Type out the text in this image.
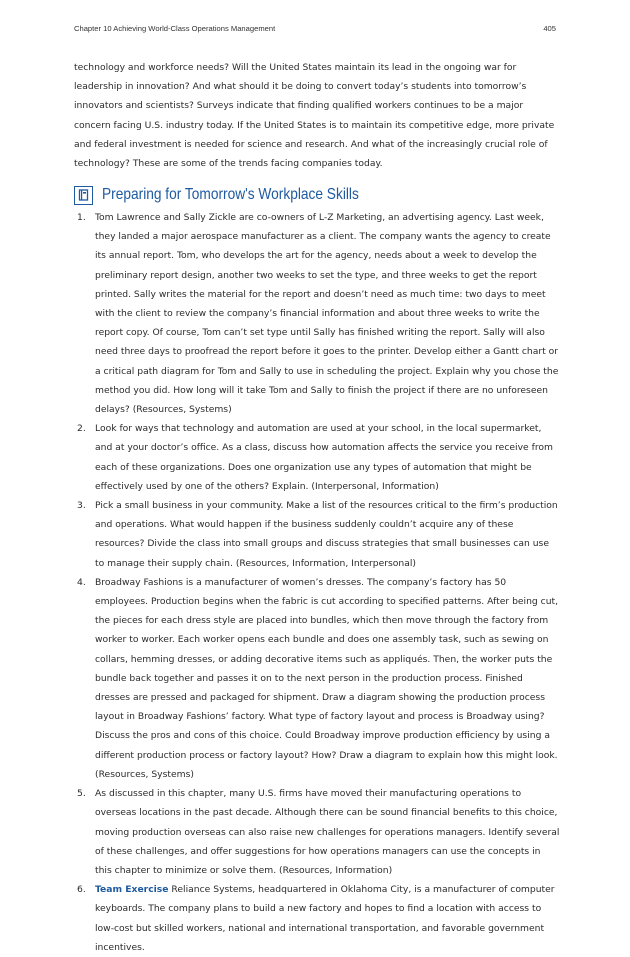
Chapter 10 Achieving World-Class Operations Management	405

technology and workforce needs? Will the United States maintain its lead in the ongoing war for leadership in innovation? And what should it be doing to convert today’s students into tomorrow’s innovators and scientists? Surveys indicate that finding qualified workers continues to be a major concern facing U.S. industry today. If the United States is to maintain its competitive edge, more private and federal investment is needed for science and research. And what of the increasingly crucial role of technology? These are some of the trends facing companies today.

Preparing for Tomorrow's Workplace Skills
1. Tom Lawrence and Sally Zickle are co-owners of L-Z Marketing, an advertising agency. Last week, they landed a major aerospace manufacturer as a client. The company wants the agency to create its annual report. Tom, who develops the art for the agency, needs about a week to develop the preliminary report design, another two weeks to set the type, and three weeks to get the report printed. Sally writes the material for the report and doesn’t need as much time: two days to meet with the client to review the company’s financial information and about three weeks to write the report copy. Of course, Tom can’t set type until Sally has finished writing the report. Sally will also need three days to proofread the report before it goes to the printer. Develop either a Gantt chart or a critical path diagram for Tom and Sally to use in scheduling the project. Explain why you chose the method you did. How long will it take Tom and Sally to finish the project if there are no unforeseen delays? (Resources, Systems)
2. Look for ways that technology and automation are used at your school, in the local supermarket, and at your doctor’s office. As a class, discuss how automation affects the service you receive from each of these organizations. Does one organization use any types of automation that might be effectively used by one of the others? Explain. (Interpersonal, Information)
3. Pick a small business in your community. Make a list of the resources critical to the firm’s production and operations. What would happen if the business suddenly couldn’t acquire any of these resources? Divide the class into small groups and discuss strategies that small businesses can use to manage their supply chain. (Resources, Information, Interpersonal)
4. Broadway Fashions is a manufacturer of women’s dresses. The company’s factory has 50 employees. Production begins when the fabric is cut according to specified patterns. After being cut, the pieces for each dress style are placed into bundles, which then move through the factory from worker to worker. Each worker opens each bundle and does one assembly task, such as sewing on collars, hemming dresses, or adding decorative items such as appliqués. Then, the worker puts the bundle back together and passes it on to the next person in the production process. Finished dresses are pressed and packaged for shipment. Draw a diagram showing the production process layout in Broadway Fashions’ factory. What type of factory layout and process is Broadway using? Discuss the pros and cons of this choice. Could Broadway improve production efficiency by using a different production process or factory layout? How? Draw a diagram to explain how this might look. (Resources, Systems)
5. As discussed in this chapter, many U.S. firms have moved their manufacturing operations to overseas locations in the past decade. Although there can be sound financial benefits to this choice, moving production overseas can also raise new challenges for operations managers. Identify several of these challenges, and offer suggestions for how operations managers can use the concepts in this chapter to minimize or solve them. (Resources, Information)
6. Team Exercise Reliance Systems, headquartered in Oklahoma City, is a manufacturer of computer keyboards. The company plans to build a new factory and hopes to find a location with access to low-cost but skilled workers, national and international transportation, and favorable government incentives.
